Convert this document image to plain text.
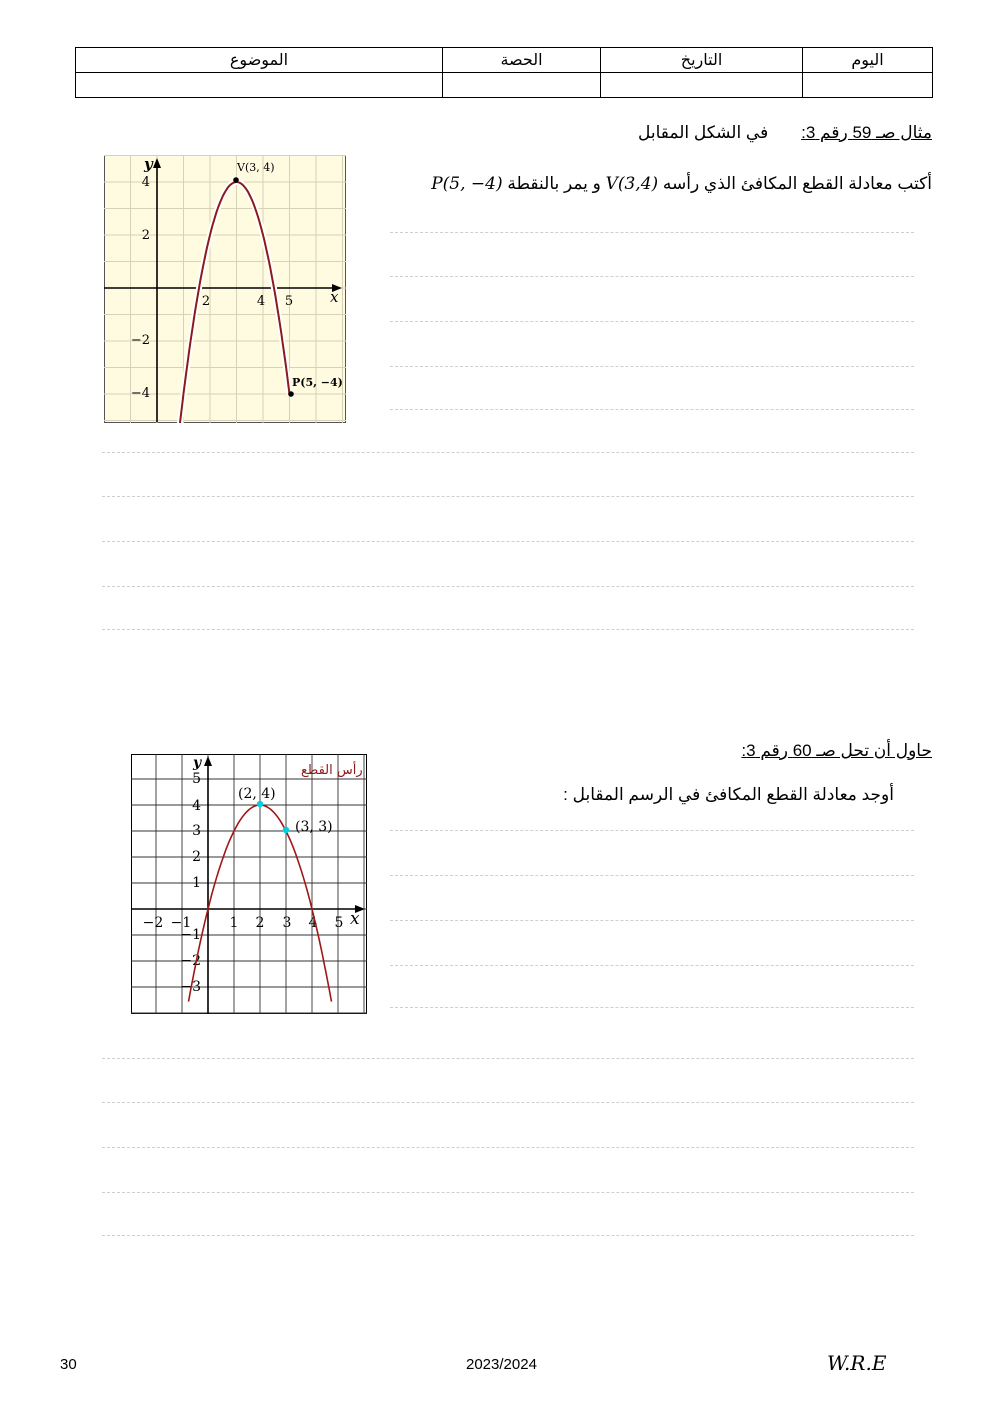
الموضوع	الحصة	التاريخ	اليوم

مثال صـ 59 رقم 3:  في الشكل المقابل
أكتب معادلة القطع المكافئ الذي رأسه V(3,4) و يمر بالنقطة P(5, −4)
x
y
2	4 5
4
2
−2
−4
V(3, 4)
P(5, −4)
حاول أن تحل صـ 60 رقم 3:
أوجد معادلة القطع المكافئ في الرسم المقابل :
x
y	رأس القطع
−2 −1	1 2 3 4 5
5
4
3
2
1
−1
−2
−3
(2, 4)
(3, 3)
30	2023/2024	W.R.E
